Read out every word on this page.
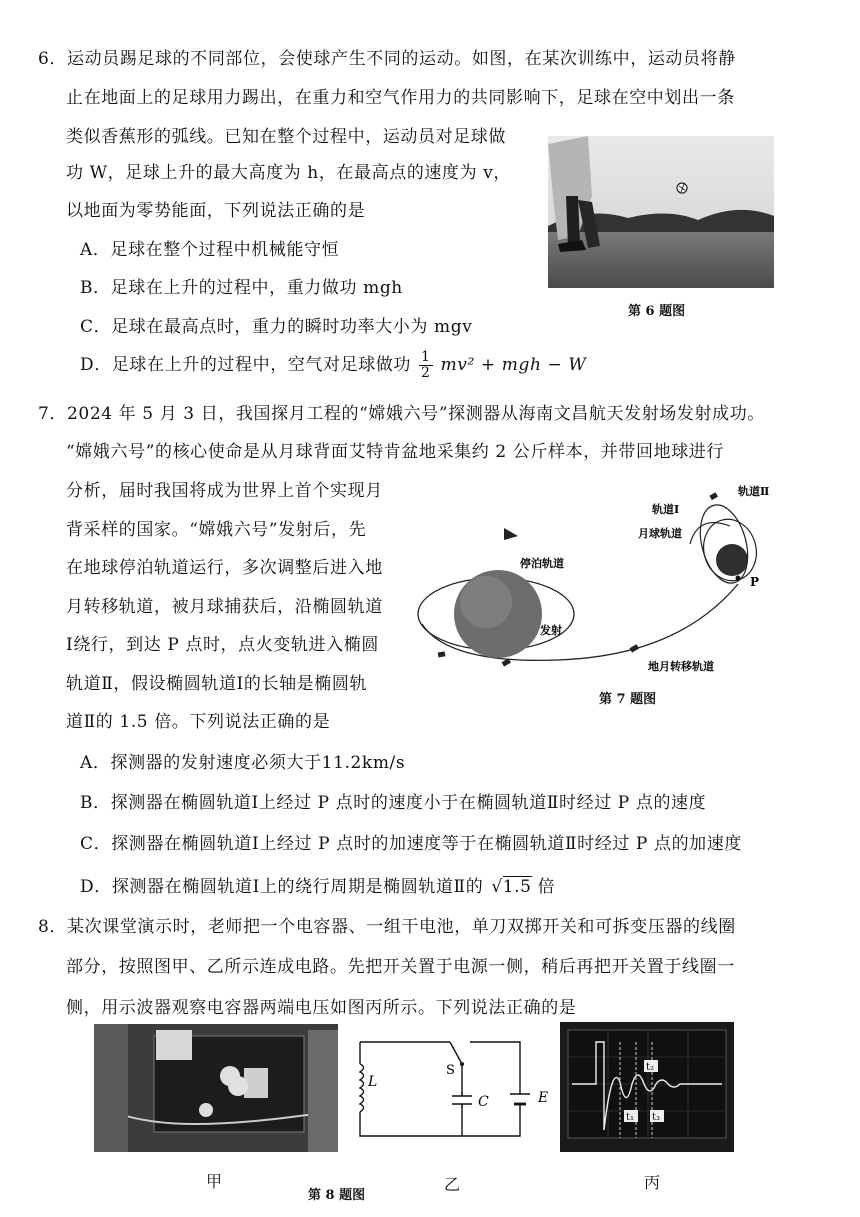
6．运动员踢足球的不同部位，会使球产生不同的运动。如图，在某次训练中，运动员将静
止在地面上的足球用力踢出，在重力和空气作用力的共同影响下，足球在空中划出一条
类似香蕉形的弧线。已知在整个过程中，运动员对足球做
功 W，足球上升的最大高度为 h，在最高点的速度为 v，
以地面为零势能面，下列说法正确的是
A．足球在整个过程中机械能守恒
B．足球在上升的过程中，重力做功 mgh
C．足球在最高点时，重力的瞬时功率大小为 mgv
D．足球在上升的过程中，空气对足球做功 $\frac{1}{2} mv^2$ + mgh − W
第 6 题图
7．2024 年 5 月 3 日，我国探月工程的“嫦娥六号”探测器从海南文昌航天发射场发射成功。
“嫦娥六号”的核心使命是从月球背面艾特肯盆地采集约 2 公斤样本，并带回地球进行
分析，届时我国将成为世界上首个实现月
背采样的国家。“嫦娥六号”发射后，先
在地球停泊轨道运行，多次调整后进入地
月转移轨道，被月球捕获后，沿椭圆轨道
Ⅰ绕行，到达 P 点时，点火变轨进入椭圆
轨道Ⅱ，假设椭圆轨道Ⅰ的长轴是椭圆轨
道Ⅱ的 1.5 倍。下列说法正确的是
A．探测器的发射速度必须大于11.2km/s
B．探测器在椭圆轨道Ⅰ上经过 P 点时的速度小于在椭圆轨道Ⅱ时经过 P 点的速度
C．探测器在椭圆轨道Ⅰ上经过 P 点时的加速度等于在椭圆轨道Ⅱ时经过 P 点的加速度
D．探测器在椭圆轨道Ⅰ上的绕行周期是椭圆轨道Ⅱ的 √1.5 倍
停泊轨道
发射
地月转移轨道
轨道Ⅰ
轨道Ⅱ
月球轨道
P
第 7 题图
8．某次课堂演示时，老师把一个电容器、一组干电池，单刀双掷开关和可拆变压器的线圈
部分，按照图甲、乙所示连成电路。先把开关置于电源一侧，稍后再把开关置于线圈一
侧，用示波器观察电容器两端电压如图丙所示。下列说法正确的是
L
S
C	E
t₂
t₁ t₃
甲
第 8 题图
乙	丙
